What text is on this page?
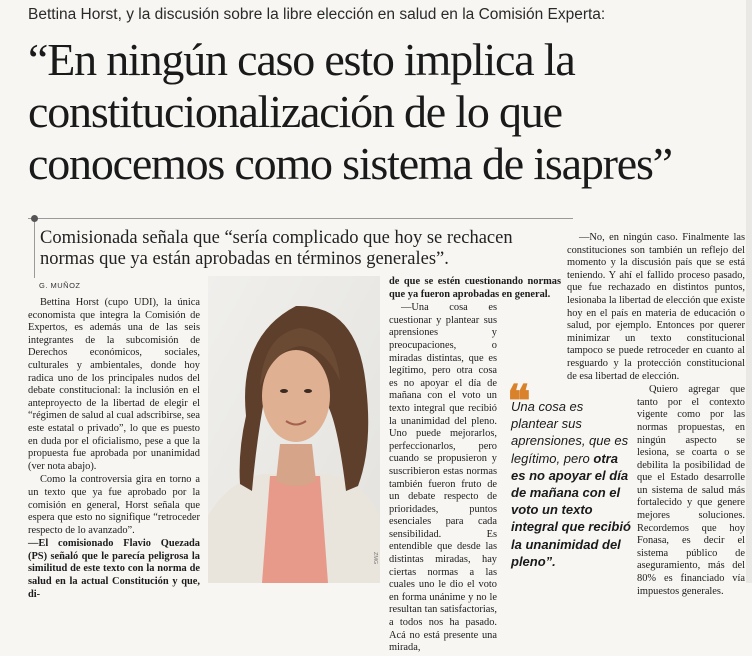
Bettina Horst, y la discusión sobre la libre elección en salud en la Comisión Experta:
“En ningún caso esto implica la
constitucionalización de lo que
conocemos como sistema de isapres”
Comisionada señala que “sería complicado que hoy se rechacen normas que ya están aprobadas en términos generales”.
G. MUÑOZ

Bettina Horst (cupo UDI), la única economista que integra la Comisión de Expertos, es además una de las seis integrantes de la subcomisión de Derechos económicos, sociales, culturales y ambientales, donde hoy radica uno de los principales nudos del debate constitucional: la inclusión en el anteproyecto de la libertad de elegir el “régimen de salud al cual adscribirse, sea este estatal o privado”, lo que es puesto en duda por el oficialismo, pese a que la propuesta fue aprobada por unanimidad (ver nota abajo).

Como la controversia gira en torno a un texto que ya fue aprobado por la comisión en general, Horst señala que espera que esto no signifique “retroceder respecto de lo avanzado”.

—El comisionado Flavio Quezada (PS) señaló que le parecía peligrosa la similitud de este texto con la norma de salud en la actual Constitución y que, di-

ZMG

de que se estén cuestionando normas que ya fueron aprobadas en general.

—Una cosa es cuestionar y plantear sus aprensiones y preocupaciones, o miradas distintas, que es legítimo, pero otra cosa es no apoyar el día de mañana con el voto un texto integral que recibió la unanimidad del pleno. Uno puede mejorarlos, perfeccionarlos, pero cuando se propusieron y suscribieron estas normas también fueron fruto de un debate respecto de prioridades, puntos esenciales para cada sensibilidad. Es entendible que desde las distintas miradas, hay ciertas normas a las cuales uno le dio el voto en forma unánime y no le resultan tan satisfactorias, a todos nos ha pasado. Acá no está presente una mirada,

❝
Una cosa es plantear sus aprensiones, que es legítimo, pero otra es no apoyar el día de mañana con el voto un texto integral que recibió la unanimidad del pleno”.

—No, en ningún caso. Finalmente las constituciones son también un reflejo del momento y la discusión país que se está teniendo. Y ahí el fallido proceso pasado, que fue rechazado en distintos puntos, lesionaba la libertad de elección que existe hoy en el país en materia de educación o salud, por ejemplo. Entonces por querer minimizar un texto constitucional tampoco se puede retroceder en cuanto al resguardo y la protección constitucional de esa libertad de elección.

Quiero agregar que tanto por el contexto vigente como por las normas propuestas, en ningún aspecto se lesiona, se coarta o se debilita la posibilidad de que el Estado desarrolle un sistema de salud más fortalecido y que genere mejores soluciones. Recordemos que hoy Fonasa, es decir el sistema público de aseguramiento, más del 80% es financiado vía impuestos generales.
